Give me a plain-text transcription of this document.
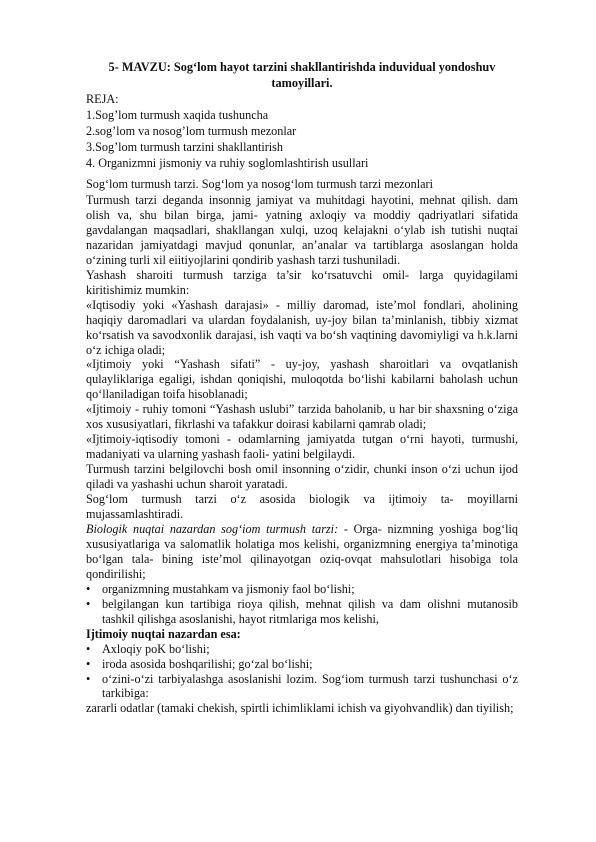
5- MAVZU: Sog‘lom hayot tarzini shakllantirishda induvidual yondoshuv tamoyillari.
REJA:
1.Sog’lom turmush xaqida tushuncha
2.sog’lom va nosog’lom turmush mezonlar
3.Sog’lom turmush tarzini shakllantirish
4. Organizmni jismoniy va ruhiy soglomlashtirish usullari
Sog‘lom turmush tarzi. Sog‘lom ya nosog‘lom turmush tarzi mezonlari

Turmush tarzi deganda insonnig jamiyat va muhitdagi hayotini, mehnat qilish. dam olish va, shu bilan birga, jami- yatning axloqiy va moddiy qadriyatlari sifatida gavdalangan maqsadlari, shakllangan xulqi, uzoq kelajakni o‘ylab ish tutishi nuqtai nazaridan jamiyatdagi mavjud qonunlar, an’analar va tartiblarga asoslangan holda o‘zining turli xil eiitiyojlarini qondirib yashash tarzi tushuniladi.

Yashash sharoiti turmush tarziga ta’sir ko‘rsatuvchi omil- larga quyidagilami kiritishimiz mumkin:

«Iqtisodiy yoki «Yashash darajasi» - milliy daromad, iste’mol fondlari, aholining haqiqiy daromadlari va ulardan foydalanish, uy-joy bilan ta’minlanish, tibbiy xizmat ko‘rsatish va savodxonlik darajasi, ish vaqti va bo‘sh vaqtining davomiyligi va h.k.larni o‘z ichiga oladi;

«Ijtimoiy yoki “Yashash sifati” - uy-joy, yashash sharoitlari va ovqatlanish qulayliklariga egaligi, ishdan qoniqishi, muloqotda bo‘lishi kabilarni baholash uchun qo‘llaniladigan toifa hisoblanadi;

«Ijtimoiy - ruhiy tomoni “Yashash uslubi” tarzida baholanib, u har bir shaxsning o‘ziga xos xususiyatlari, fikrlashi va tafakkur doirasi kabilarni qamrab oladi;

«Ijtimoiy-iqtisodiy tomoni - odamlarning jamiyatda tutgan o‘rni hayoti, turmushi, madaniyati va ularning yashash faoli- yatini belgilaydi.

Turmush tarzini belgilovchi bosh omil insonning o‘zidir, chunki inson o‘zi uchun ijod qiladi va yashashi uchun sharoit yaratadi.

Sog‘lom turmush tarzi o‘z asosida biologik va ijtimoiy ta- moyillarni mujassamlashtiradi.

Biologik nuqtai nazardan sog‘iom turmush tarzi: - Orga- nizmning yoshiga bog‘liq xususiyatlariga va salomatlik holatiga mos kelishi, organizmning energiya ta’minotiga bo‘lgan tala- bining iste’mol qilinayotgan oziq-ovqat mahsulotlari hisobiga tola qondirilishi;

• organizmning mustahkam va jismoniy faol bo‘lishi;
• belgilangan kun tartibiga rioya qilish, mehnat qilish va dam olishni mutanosib tashkil qilishga asoslanishi, hayot ritmlariga mos kelishi,

Ijtimoiy nuqtai nazardan esa:

• Axloqiy poK bo‘lishi;
• iroda asosida boshqarilishi; go‘zal bo‘lishi;
• o‘zini-o‘zi tarbiyalashga asoslanishi lozim. Sog‘iom turmush tarzi tushunchasi o‘z tarkibiga:

zararli odatlar (tamaki chekish, spirtli ichimliklami ichish va giyohvandlik) dan tiyilish;
